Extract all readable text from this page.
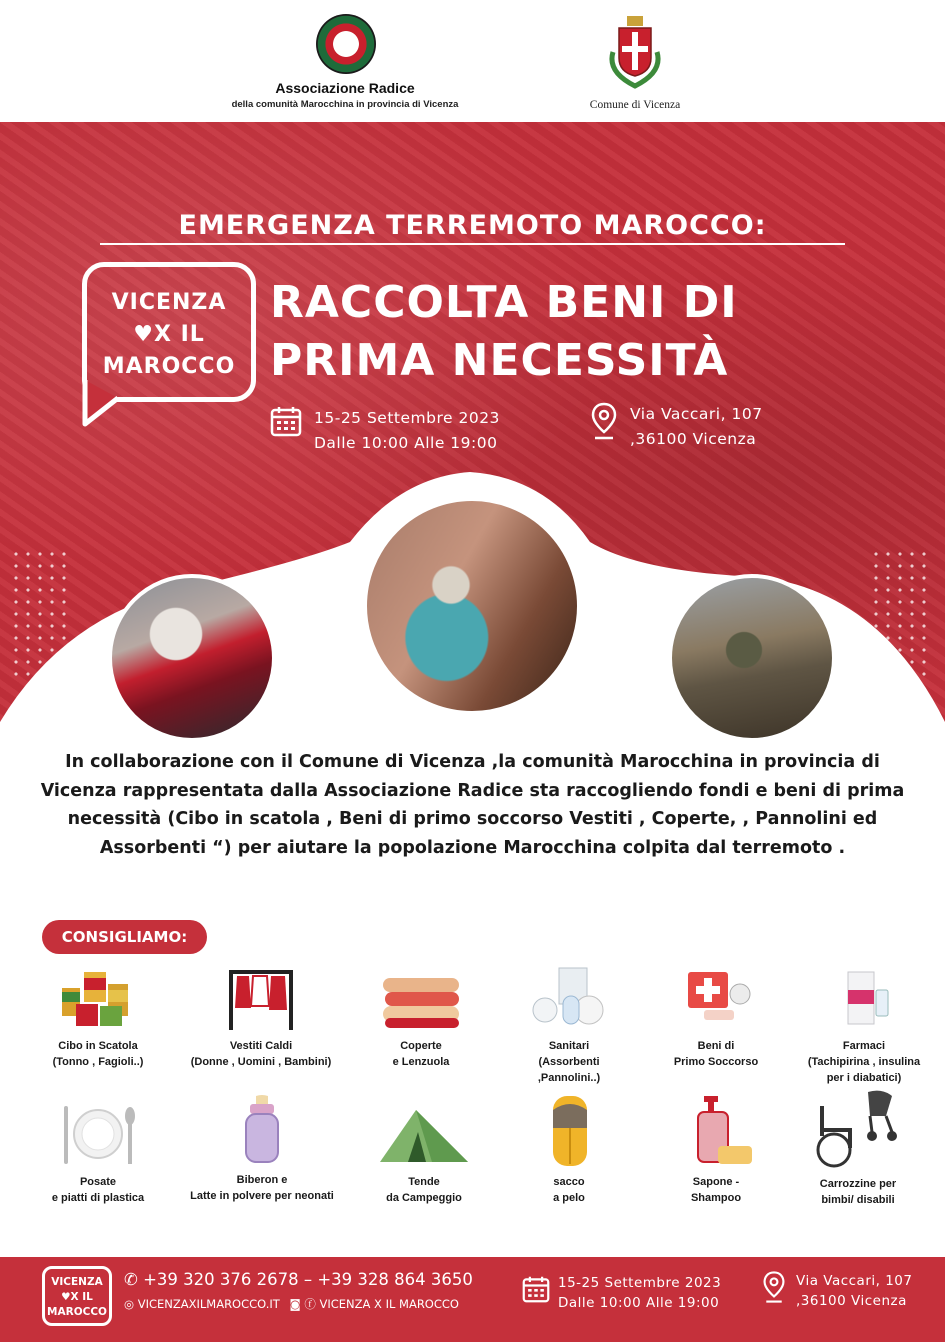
Associazione Radice
della comunità Marocchina in provincia di Vicenza	Comune di Vicenza
EMERGENZA TERREMOTO MAROCCO:
VICENZA
♥X IL
MAROCCO
RACCOLTA BENI DI
PRIMA NECESSITÀ
15-25 Settembre 2023
Dalle 10:00 Alle 19:00
Via Vaccari, 107
,36100 Vicenza
In collaborazione con il Comune di Vicenza ,la comunità Marocchina in provincia di Vicenza rappresentata dalla Associazione Radice sta raccogliendo fondi e beni di prima necessità (Cibo in scatola , Beni di primo soccorso Vestiti , Coperte, , Pannolini ed Assorbenti “) per aiutare la popolazione Marocchina colpita dal terremoto .
CONSIGLIAMO:
Cibo in Scatola
(Tonno , Fagioli..)
Vestiti Caldi
(Donne , Uomini , Bambini)
Coperte
e Lenzuola
Sanitari
(Assorbenti
,Pannolini..)
Beni di
Primo Soccorso
Farmaci
(Tachipirina , insulina
per i diabatici)
Posate
e piatti di plastica
Biberon e
Latte in polvere per neonati
Tende
da Campeggio
sacco
a pelo
Sapone -
Shampoo
Carrozzine per
bimbi/ disabili
VICENZA
♥X IL
MAROCCO
✆ +39 320 376 2678 – +39 328 864 3650
◎ VICENZAXILMAROCCO.IT ◙ ⓕ VICENZA X IL MAROCCO
15-25 Settembre 2023
Dalle 10:00 Alle 19:00
Via Vaccari, 107
,36100 Vicenza
